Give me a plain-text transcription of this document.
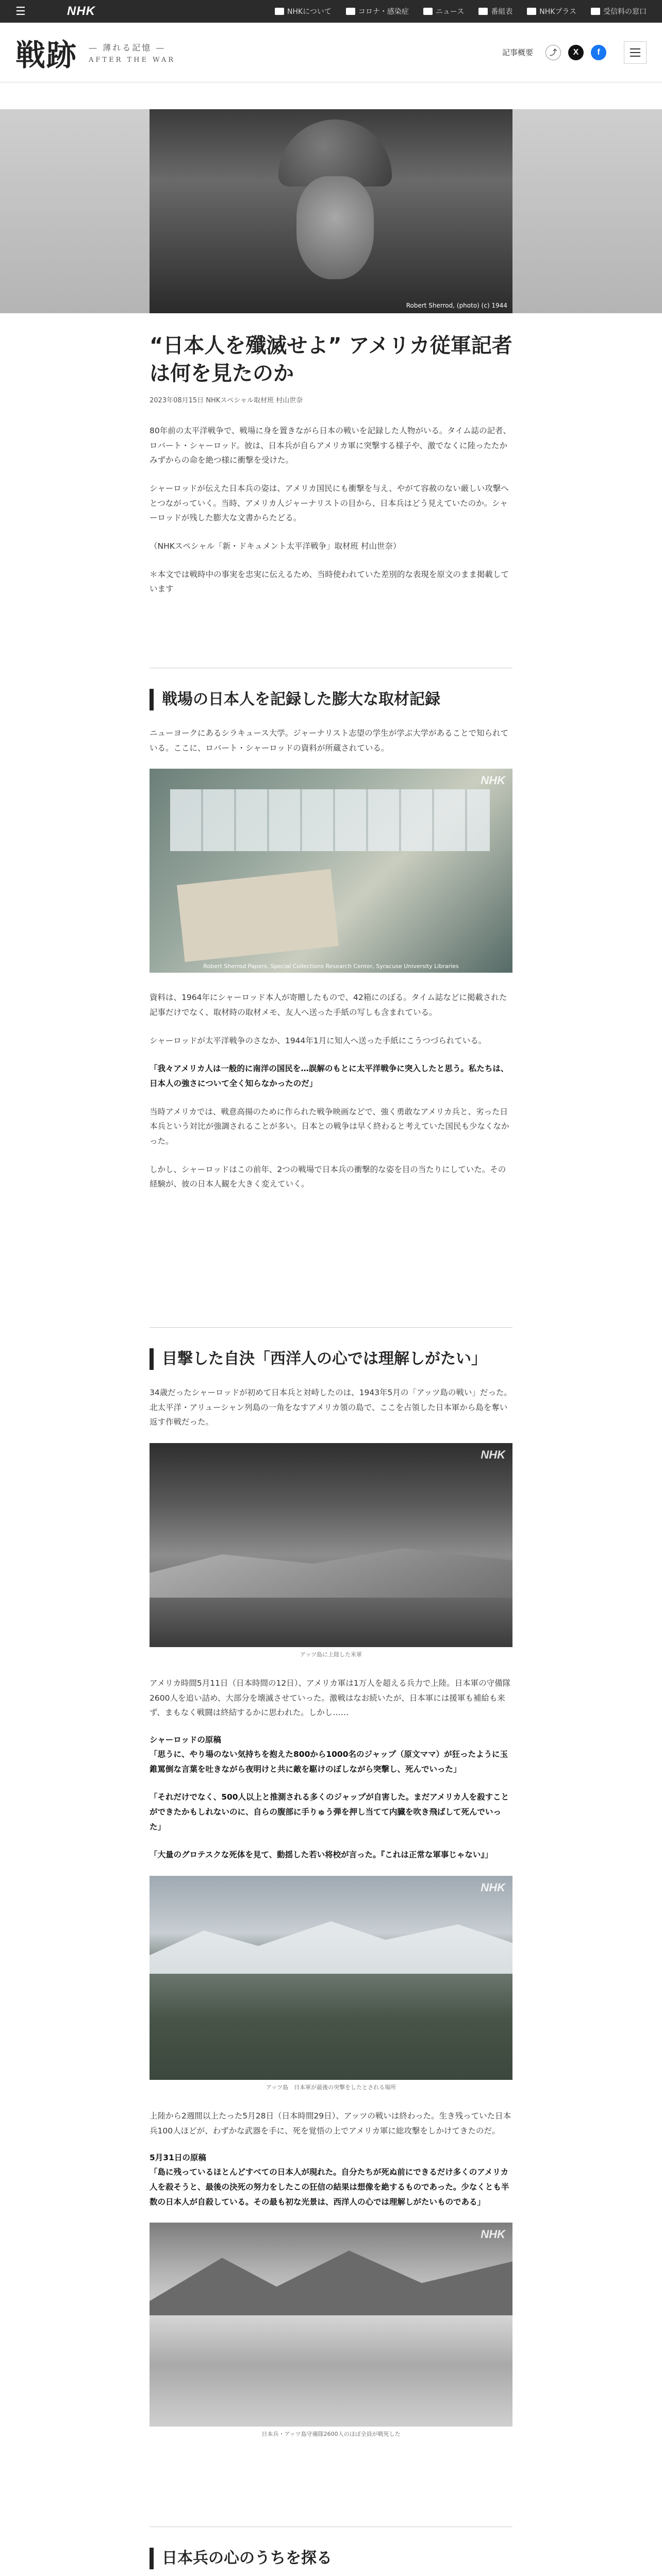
☰	NHK	NHKについて	コロナ・感染症	ニュース	番組表	NHKプラス	受信料の窓口
戦跡 — 薄れる記憶 —
AFTER THE WAR
記事概要	⤴	X	f
Robert Sherrod, (photo) (c) 1944
“日本人を殲滅せよ” アメリカ従軍記者は何を見たのか
2023年08月15日 NHKスペシャル取材班 村山世奈

80年前の太平洋戦争で、戦場に身を置きながら日本の戦いを記録した人物がいる。タイム誌の記者、ロバート・シャーロッド。彼は、日本兵が自らアメリカ軍に突撃する様子や、激でなくに陸ったたかみずからの命を絶つ様に衝撃を受けた。

シャーロッドが伝えた日本兵の姿は、アメリカ国民にも衝撃を与え、やがて容赦のない厳しい攻撃へとつながっていく。当時、アメリカ人ジャーナリストの目から、日本兵はどう見えていたのか。シャーロッドが残した膨大な文書からたどる。

（NHKスペシャル「新・ドキュメント太平洋戦争」取材班 村山世奈）

＊本文では戦時中の事実を忠実に伝えるため、当時使われていた差別的な表現を原文のまま掲載しています

戦場の日本人を記録した膨大な取材記録

ニューヨークにあるシラキュース大学。ジャーナリスト志望の学生が学ぶ大学があることで知られている。ここに、ロバート・シャーロッドの資料が所蔵されている。

NHK
Robert Sherrod Papers, Special Collections Research Center, Syracuse University Libraries

資料は、1964年にシャーロッド本人が寄贈したもので、42箱にのぼる。タイム誌などに掲載された記事だけでなく、取材時の取材メモ、友人へ送った手紙の写しも含まれている。

シャーロッドが太平洋戦争のさなか、1944年1月に知人へ送った手紙にこうつづられている。

「我々アメリカ人は一般的に南洋の国民を…誤解のもとに太平洋戦争に突入したと思う。私たちは、日本人の強さについて全く知らなかったのだ」

当時アメリカでは、戦意高揚のために作られた戦争映画などで、強く勇敢なアメリカ兵と、劣った日本兵という対比が強調されることが多い。日本との戦争は早く終わると考えていた国民も少なくなかった。

しかし、シャーロッドはこの前年、2つの戦場で日本兵の衝撃的な姿を目の当たりにしていた。その経験が、彼の日本人観を大きく変えていく。

目撃した自決「西洋人の心では理解しがたい」

34歳だったシャーロッドが初めて日本兵と対峙したのは、1943年5月の「アッツ島の戦い」だった。北太平洋・アリューシャン列島の一角をなすアメリカ領の島で、ここを占領した日本軍から島を奪い返す作戦だった。

NHK
アッツ島に上陸した米軍

アメリカ時間5月11日（日本時間の12日）、アメリカ軍は1万人を超える兵力で上陸。日本軍の守備隊2600人を追い詰め、大部分を壊滅させていった。激戦はなお続いたが、日本軍には援軍も補給も来ず、まもなく戦闘は終結するかに思われた。しかし……

シャーロッドの原稿

「思うに、やり場のない気持ちを抱えた800から1000名のジャップ（原文ママ）が狂ったように玉錐罵倒な言葉を吐きながら夜明けと共に敵を駆けのぼしながら突撃し、死んでいった」

「それだけでなく、500人以上と推測される多くのジャップが自害した。まだアメリカ人を殺すことができたかもしれないのに、自らの腹部に手りゅう弾を押し当てて内臓を吹き飛ばして死んでいった」

「大量のグロテスクな死体を見て、動揺した若い将校が言った。『これは正常な軍事じゃない』」

NHK
アッツ島　日本軍が最後の突撃をしたとされる場所

上陸から2週間以上たった5月28日（日本時間29日）、アッツの戦いは終わった。生き残っていた日本兵100人ほどが、わずかな武器を手に、死を覚悟の上でアメリカ軍に総攻撃をしかけてきたのだ。

5月31日の原稿

「島に残っているほとんどすべての日本人が現れた。自分たちが死ぬ前にできるだけ多くのアメリカ人を殺そうと、最後の決死の努力をしたこの狂信の結果は想像を絶するものであった。少なくとも半数の日本人が自殺している。その最も初な光景は、西洋人の心では理解しがたいものである」

NHK
日本兵・アッツ島守備隊2600人のほぼ全員が戦死した
日本兵の心のうちを探る
